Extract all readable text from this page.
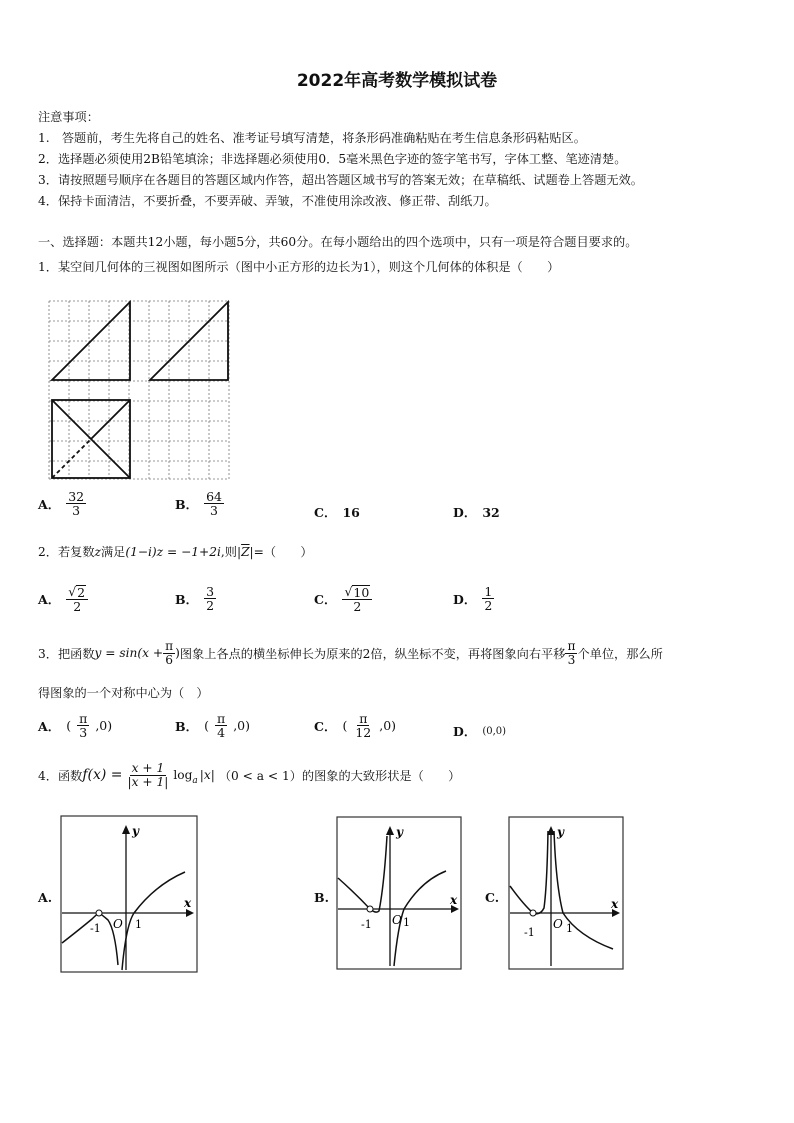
2022年高考数学模拟试卷
注意事项：
1.　答题前，考生先将自己的姓名、准考证号填写清楚，将条形码准确粘贴在考生信息条形码粘贴区。
2．选择题必须使用2B铅笔填涂；非选择题必须使用0．5毫米黑色字迹的签字笔书写，字体工整、笔迹清楚。
3．请按照题号顺序在各题目的答题区域内作答，超出答题区域书写的答案无效；在草稿纸、试题卷上答题无效。
4．保持卡面清洁，不要折叠，不要弄破、弄皱，不准使用涂改液、修正带、刮纸刀。
一、选择题：本题共12小题，每小题5分，共60分。在每小题给出的四个选项中，只有一项是符合题目要求的。
1．某空间几何体的三视图如图所示（图中小正方形的边长为1），则这个几何体的体积是（　　）
A． $\frac{32}{3}$	B． $\frac{64}{3}$	C． 16	D． 32
2．若复数z满足(1−i)z = −1+2i,则$|\overline{Z}|=$（　　）
A． $\frac{√ 2}{2}$	B． $\frac{3}{2}$	C． $\frac{√ 10}{2}$	D． $\frac{1}{2}$
3．把函数 $y = \sin(x + \frac{\pi}{6}$ ) 图象上各点的横坐标伸长为原来的2倍，纵坐标不变，再将图象向右平移 $\frac{\pi}{3}$ 个单位，那么所
得图象的一个对称中心为（　）
A． ( $\frac{\pi}{3} ,0$)	B． ( $\frac{\pi}{4} ,0$)	C． ( $\frac{\pi}{12} ,0$)	D． (0,0)
4．函数 $f(x) = \frac{x + 1}{|x + 1|}$ log a |x| （0 < a < 1） 的图象的大致形状是（　　）
A.
y
x
-1 O 1
B.
y
x
-1 O 1
C.
y
x
-1
O 1
